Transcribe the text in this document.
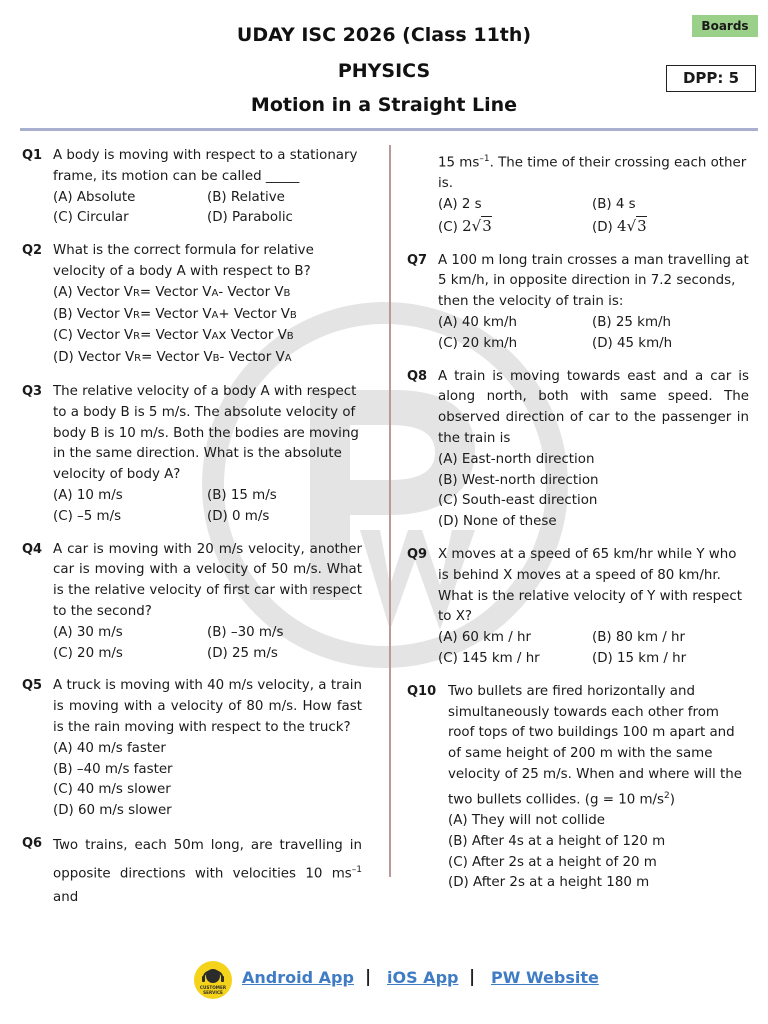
UDAY ISC 2026 (Class 11th)
PHYSICS
Motion in a Straight Line
Boards
DPP: 5
Q1 A body is moving with respect to a stationary frame, its motion can be called _____
(A) Absolute	(B) Relative
(C) Circular	(D) Parabolic
Q2 What is the correct formula for relative velocity of a body A with respect to B?
(A) Vector VR= Vector VA- Vector VB
(B) Vector VR= Vector VA+ Vector VB
(C) Vector VR= Vector VAx Vector VB
(D) Vector VR= Vector VB- Vector VA
Q3 The relative velocity of a body A with respect to a body B is 5 m/s. The absolute velocity of body B is 10 m/s. Both the bodies are moving in the same direction. What is the absolute velocity of body A?
(A) 10 m/s	(B) 15 m/s
(C) –5 m/s	(D) 0 m/s
Q4 A car is moving with 20 m/s velocity, another car is moving with a velocity of 50 m/s. What is the relative velocity of first car with respect to the second?
(A) 30 m/s	(B) –30 m/s
(C) 20 m/s	(D) 25 m/s
Q5 A truck is moving with 40 m/s velocity, a train is moving with a velocity of 80 m/s. How fast is the rain moving with respect to the truck?
(A) 40 m/s faster
(B) –40 m/s faster
(C) 40 m/s slower
(D) 60 m/s slower
Q6 Two trains, each 50m long, are travelling in opposite directions with velocities 10 $ms^{-1}$ and
15 $ms^{-1}$. The time of their crossing each other is.
(A) 2 s	(B) 4 s
(C) 2√3	(D) 4√3
Q7 A 100 m long train crosses a man travelling at 5 km/h, in opposite direction in 7.2 seconds, then the velocity of train is:
(A) 40 km/h	(B) 25 km/h
(C) 20 km/h	(D) 45 km/h
Q8 A train is moving towards east and a car is along north, both with same speed. The observed direction of car to the passenger in the train is
(A) East-north direction
(B) West-north direction
(C) South-east direction
(D) None of these
Q9 X moves at a speed of 65 km/hr while Y who is behind X moves at a speed of 80 km/hr. What is the relative velocity of Y with respect to X?
(A) 60 km / hr	(B) 80 km / hr
(C) 145 km / hr	(D) 15 km / hr
Q10 Two bullets are fired horizontally and simultaneously towards each other from roof tops of two buildings 100 m apart and of same height of 200 m with the same velocity of 25 m/s. When and where will the two bullets collides. (g = 10 $m/s^2$)
(A) They will not collide
(B) After 4s at a height of 120 m
(C) After 2s at a height of 20 m
(D) After 2s at a height 180 m
CUSTOMER
SERVICE
Android App | iOS App | PW Website
